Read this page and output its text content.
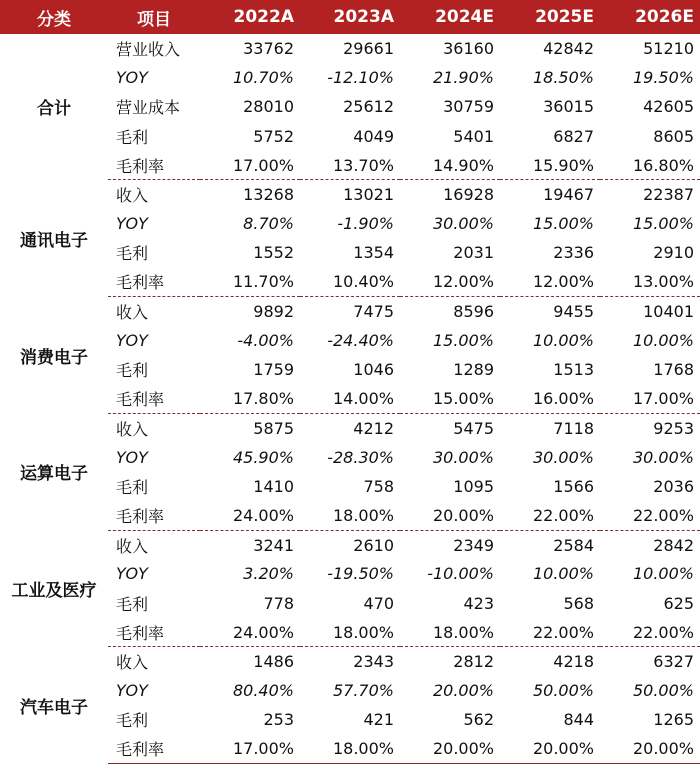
分类	项目	2022A	2023A	2024E	2025E	2026E
合计	营业收入	33762	29661	36160	42842	51210
	YOY	10.70%	-12.10%	21.90%	18.50%	19.50%
	营业成本	28010	25612	30759	36015	42605
	毛利	5752	4049	5401	6827	8605
	毛利率	17.00%	13.70%	14.90%	15.90%	16.80%
通讯电子	收入	13268	13021	16928	19467	22387
	YOY	8.70%	-1.90%	30.00%	15.00%	15.00%
	毛利	1552	1354	2031	2336	2910
	毛利率	11.70%	10.40%	12.00%	12.00%	13.00%
消费电子	收入	9892	7475	8596	9455	10401
	YOY	-4.00%	-24.40%	15.00%	10.00%	10.00%
	毛利	1759	1046	1289	1513	1768
	毛利率	17.80%	14.00%	15.00%	16.00%	17.00%
运算电子	收入	5875	4212	5475	7118	9253
	YOY	45.90%	-28.30%	30.00%	30.00%	30.00%
	毛利	1410	758	1095	1566	2036
	毛利率	24.00%	18.00%	20.00%	22.00%	22.00%
工业及医疗	收入	3241	2610	2349	2584	2842
	YOY	3.20%	-19.50%	-10.00%	10.00%	10.00%
	毛利	778	470	423	568	625
	毛利率	24.00%	18.00%	18.00%	22.00%	22.00%
汽车电子	收入	1486	2343	2812	4218	6327
	YOY	80.40%	57.70%	20.00%	50.00%	50.00%
	毛利	253	421	562	844	1265
	毛利率	17.00%	18.00%	20.00%	20.00%	20.00%
